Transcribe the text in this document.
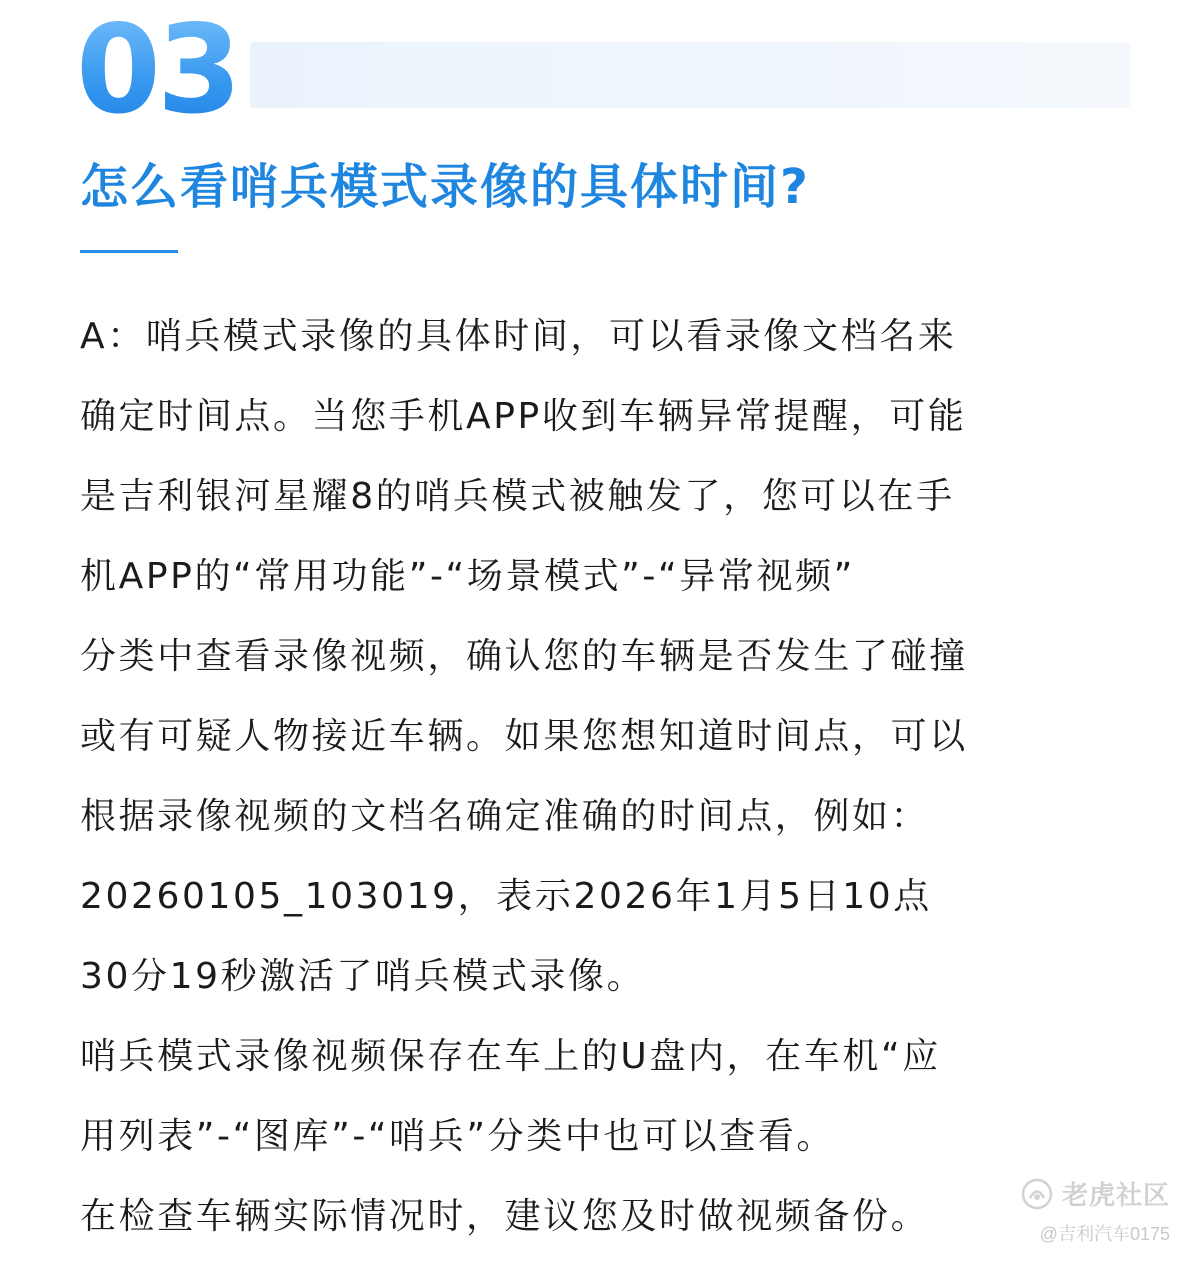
03
怎么看哨兵模式录像的具体时间?
A：哨兵模式录像的具体时间，可以看录像文档名来
确定时间点。当您手机APP收到车辆异常提醒，可能
是吉利银河星耀8的哨兵模式被触发了，您可以在手
机APP的“常用功能”-“场景模式”-“异常视频”
分类中查看录像视频，确认您的车辆是否发生了碰撞
或有可疑人物接近车辆。如果您想知道时间点，可以
根据录像视频的文档名确定准确的时间点，例如：
20260105_103019，表示2026年1月5日10点
30分19秒激活了哨兵模式录像。
哨兵模式录像视频保存在车上的U盘内，在车机“应
用列表”-“图库”-“哨兵”分类中也可以查看。
在检查车辆实际情况时，建议您及时做视频备份。
老虎社区
@吉利汽车0175
